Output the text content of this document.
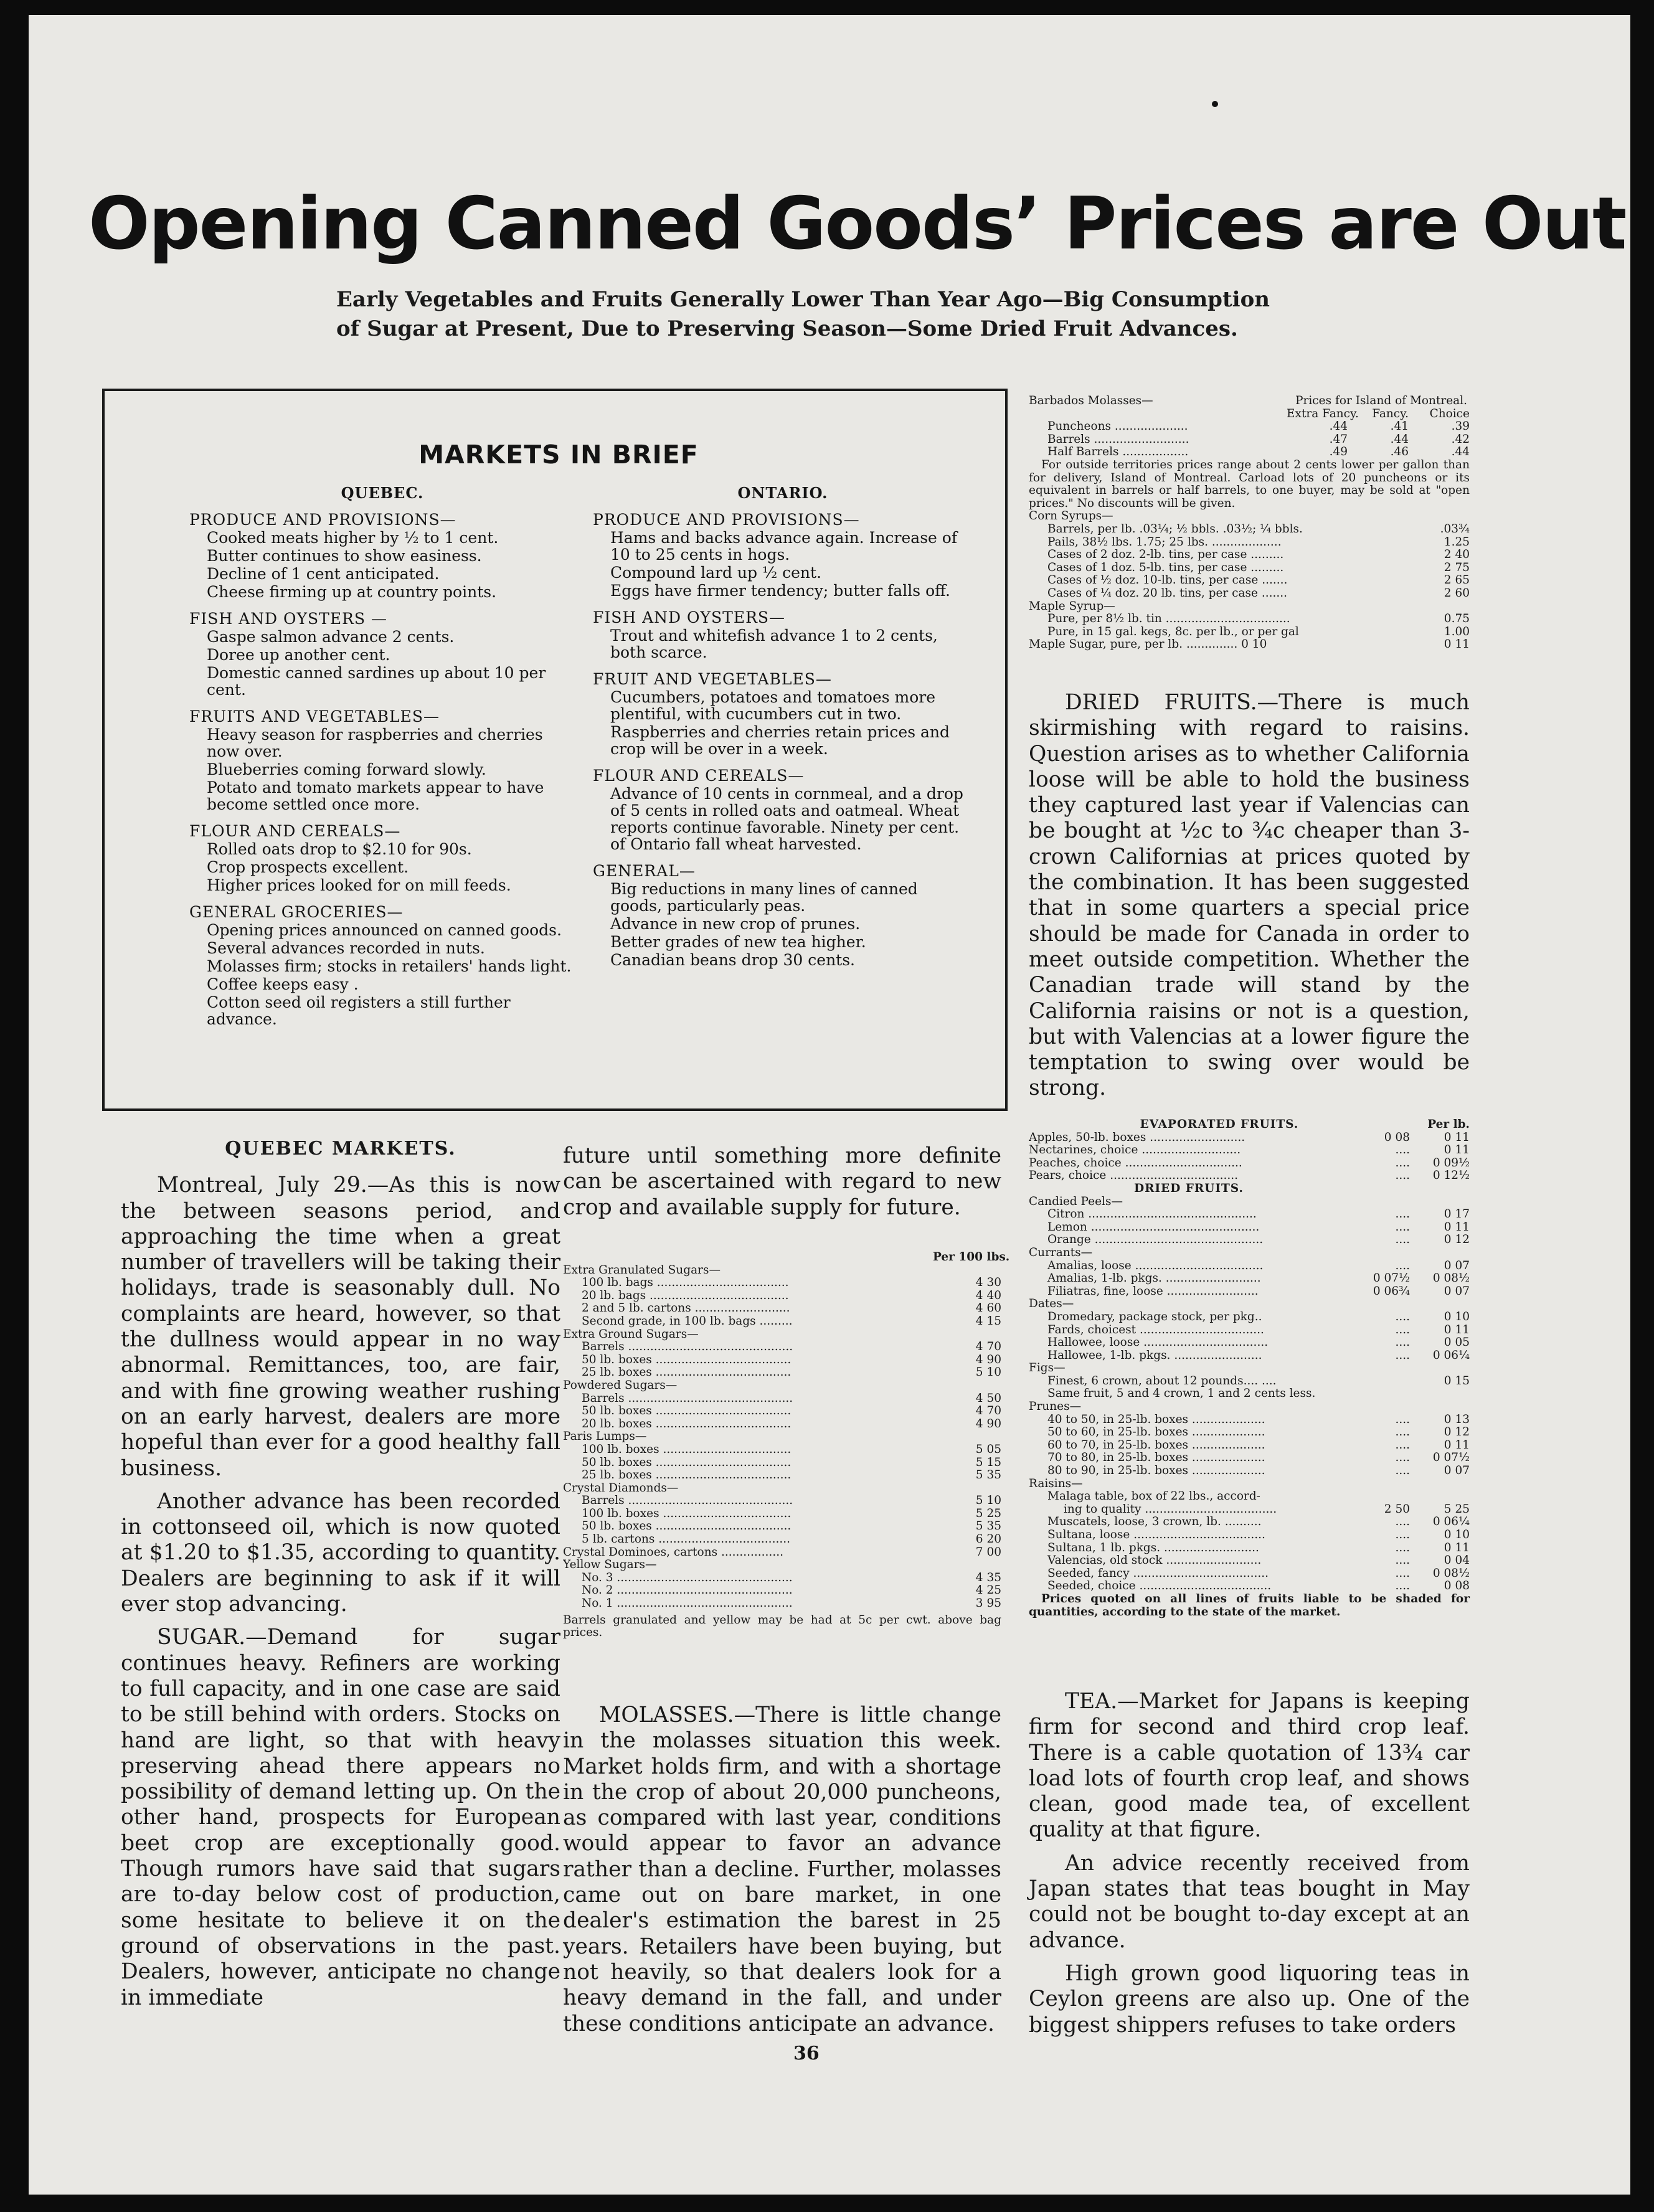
Opening Canned Goods’ Prices are Out
Early Vegetables and Fruits Generally Lower Than Year Ago—Big Consumption of Sugar at Present, Due to Preserving Season—Some Dried Fruit Advances.
MARKETS IN BRIEF
QUEBEC.
PRODUCE AND PROVISIONS—
Cooked meats higher by ½ to 1 cent.
Butter continues to show easiness.
Decline of 1 cent anticipated.
Cheese firming up at country points.
FISH AND OYSTERS —
Gaspe salmon advance 2 cents.
Doree up another cent.
Domestic canned sardines up about 10 per cent.
FRUITS AND VEGETABLES—
Heavy season for raspberries and cherries now over.
Blueberries coming forward slowly.
Potato and tomato markets appear to have become settled once more.
FLOUR AND CEREALS—
Rolled oats drop to $2.10 for 90s.
Crop prospects excellent.
Higher prices looked for on mill feeds.
GENERAL GROCERIES—
Opening prices announced on canned goods.
Several advances recorded in nuts.
Molasses firm; stocks in retailers' hands light.
Coffee keeps easy .
Cotton seed oil registers a still further advance.
ONTARIO.
PRODUCE AND PROVISIONS—
Hams and backs advance again. Increase of 10 to 25 cents in hogs.
Compound lard up ½ cent.
Eggs have firmer tendency; butter falls off.
FISH AND OYSTERS—
Trout and whitefish advance 1 to 2 cents, both scarce.
FRUIT AND VEGETABLES—
Cucumbers, potatoes and tomatoes more plentiful, with cucumbers cut in two.
Raspberries and cherries retain prices and crop will be over in a week.
FLOUR AND CEREALS—
Advance of 10 cents in cornmeal, and a drop of 5 cents in rolled oats and oatmeal. Wheat reports continue favorable. Ninety per cent. of Ontario fall wheat harvested.
GENERAL—
Big reductions in many lines of canned goods, particularly peas.
Advance in new crop of prunes.
Better grades of new tea higher.
Canadian beans drop 30 cents.

QUEBEC MARKETS.

Montreal, July 29.—As this is now the between seasons period, and approaching the time when a great number of travellers will be taking their holidays, trade is seasonably dull. No complaints are heard, however, so that the dullness would appear in no way abnormal. Remittances, too, are fair, and with fine growing weather rushing on an early harvest, dealers are more hopeful than ever for a good healthy fall business.

Another advance has been recorded in cottonseed oil, which is now quoted at $1.20 to $1.35, according to quantity. Dealers are beginning to ask if it will ever stop advancing.

SUGAR.—Demand for sugar continues heavy. Refiners are working to full capacity, and in one case are said to be still behind with orders. Stocks on hand are light, so that with heavy preserving ahead there appears no possibility of demand letting up. On the other hand, prospects for European beet crop are exceptionally good. Though rumors have said that sugars are to-day below cost of production, some hesitate to believe it on the ground of observations in the past. Dealers, however, anticipate no change in immediate

future until something more definite can be ascertained with regard to new crop and available supply for future.

Per 100 lbs.
Extra Granulated Sugars—
100 lb. bags ....................................	4 30
20 lb. bags ......................................	4 40
2 and 5 lb. cartons ..........................	4 60
Second grade, in 100 lb. bags .........	4 15
Extra Ground Sugars—
Barrels .............................................	4 70
50 lb. boxes .....................................	4 90
25 lb. boxes .....................................	5 10
Powdered Sugars—
Barrels .............................................	4 50
50 lb. boxes .....................................	4 70
20 lb. boxes .....................................	4 90
Paris Lumps—
100 lb. boxes ...................................	5 05
50 lb. boxes .....................................	5 15
25 lb. boxes .....................................	5 35
Crystal Diamonds—
Barrels .............................................	5 10
100 lb. boxes ...................................	5 25
50 lb. boxes .....................................	5 35
5 lb. cartons ....................................	6 20
Crystal Dominoes, cartons .................	7 00
Yellow Sugars—
No. 3 ................................................	4 35
No. 2 ................................................	4 25
No. 1 ................................................	3 95
Barrels granulated and yellow may be had at 5c per cwt. above bag prices.

MOLASSES.—There is little change in the molasses situation this week. Market holds firm, and with a shortage in the crop of about 20,000 puncheons, as compared with last year, conditions would appear to favor an advance rather than a decline. Further, molasses came out on bare market, in one dealer's estimation the barest in 25 years. Retailers have been buying, but not heavily, so that dealers look for a heavy demand in the fall, and under these conditions anticipate an advance.

Barbados Molasses—	Prices for Island of Montreal.
Extra Fancy.	Fancy.	Choice
Puncheons ....................	.44	.41	.39
Barrels ..........................	.47	.44	.42
Half Barrels ..................	.49	.46	.44
For outside territories prices range about 2 cents lower per gallon than for delivery, Island of Montreal. Carload lots of 20 puncheons or its equivalent in barrels or half barrels, to one buyer, may be sold at "open prices." No discounts will be given.
Corn Syrups—
Barrels, per lb. .03¼; ½ bbls. .03½; ¼ bbls.	.03¾
Pails, 38½ lbs. 1.75; 25 lbs. ...................	1.25
Cases of 2 doz. 2-lb. tins, per case .........	2 40
Cases of 1 doz. 5-lb. tins, per case .........	2 75
Cases of ½ doz. 10-lb. tins, per case .......	2 65
Cases of ¼ doz. 20 lb. tins, per case .......	2 60
Maple Syrup—
Pure, per 8½ lb. tin ..................................	0.75
Pure, in 15 gal. kegs, 8c. per lb., or per gal	1.00
Maple Sugar, pure, per lb. .............. 0 10	0 11

DRIED FRUITS.—There is much skirmishing with regard to raisins. Question arises as to whether California loose will be able to hold the business they captured last year if Valencias can be bought at ½c to ¾c cheaper than 3-crown Californias at prices quoted by the combination. It has been suggested that in some quarters a special price should be made for Canada in order to meet outside competition. Whether the Canadian trade will stand by the California raisins or not is a question, but with Valencias at a lower figure the temptation to swing over would be strong.

EVAPORATED FRUITS.	Per lb.
Apples, 50-lb. boxes ..........................	0 08	0 11
Nectarines, choice ...........................	....	0 11
Peaches, choice ................................	....	0 09½
Pears, choice ...................................	....	0 12½
DRIED FRUITS.
Candied Peels—
Citron ..............................................	....	0 17
Lemon ..............................................	....	0 11
Orange ..............................................	....	0 12
Currants—
Amalias, loose ...................................	....	0 07
Amalias, 1-lb. pkgs. ..........................	0 07½	0 08½
Filiatras, fine, loose .........................	0 06¾	0 07
Dates—
Dromedary, package stock, per pkg..	....	0 10
Fards, choicest ..................................	....	0 11
Hallowee, loose ..................................	....	0 05
Hallowee, 1-lb. pkgs. ........................	....	0 06¼
Figs—
Finest, 6 crown, about 12 pounds.... ....	0 15
Same fruit, 5 and 4 crown, 1 and 2 cents less.
Prunes—
40 to 50, in 25-lb. boxes ....................	....	0 13
50 to 60, in 25-lb. boxes ....................	....	0 12
60 to 70, in 25-lb. boxes ....................	....	0 11
70 to 80, in 25-lb. boxes ....................	....	0 07½
80 to 90, in 25-lb. boxes ....................	....	0 07
Raisins—
Malaga table, box of 22 lbs., accord-
ing to quality ....................................	2 50	5 25
Muscatels, loose, 3 crown, lb. ..........	....	0 06¼
Sultana, loose ....................................	....	0 10
Sultana, 1 lb. pkgs. ..........................	....	0 11
Valencias, old stock ..........................	....	0 04
Seeded, fancy .....................................	....	0 08½
Seeded, choice ....................................	....	0 08
Prices quoted on all lines of fruits liable to be shaded for quantities, according to the state of the market.

TEA.—Market for Japans is keeping firm for second and third crop leaf. There is a cable quotation of 13¾ car load lots of fourth crop leaf, and shows clean, good made tea, of excellent quality at that figure.

An advice recently received from Japan states that teas bought in May could not be bought to-day except at an advance.

High grown good liquoring teas in Ceylon greens are also up. One of the biggest shippers refuses to take orders

36
